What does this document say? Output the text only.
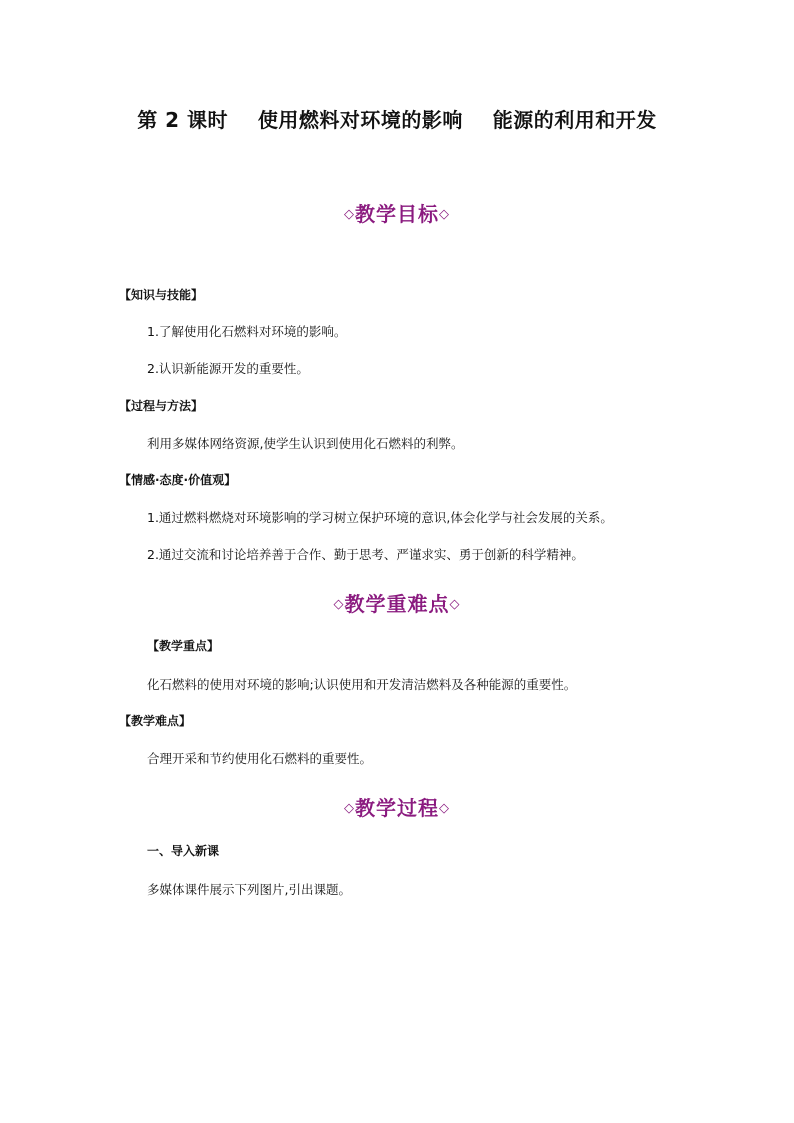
第 2 课时 使用燃料对环境的影响 能源的利用和开发
◇教学目标◇
【知识与技能】
1.了解使用化石燃料对环境的影响。
2.认识新能源开发的重要性。
【过程与方法】
利用多媒体网络资源,使学生认识到使用化石燃料的利弊。
【情感·态度·价值观】
1.通过燃料燃烧对环境影响的学习树立保护环境的意识,体会化学与社会发展的关系。
2.通过交流和讨论培养善于合作、勤于思考、严谨求实、勇于创新的科学精神。
◇教学重难点◇
【教学重点】
化石燃料的使用对环境的影响;认识使用和开发清洁燃料及各种能源的重要性。
【教学难点】
合理开采和节约使用化石燃料的重要性。
◇教学过程◇
一、导入新课
多媒体课件展示下列图片,引出课题。
